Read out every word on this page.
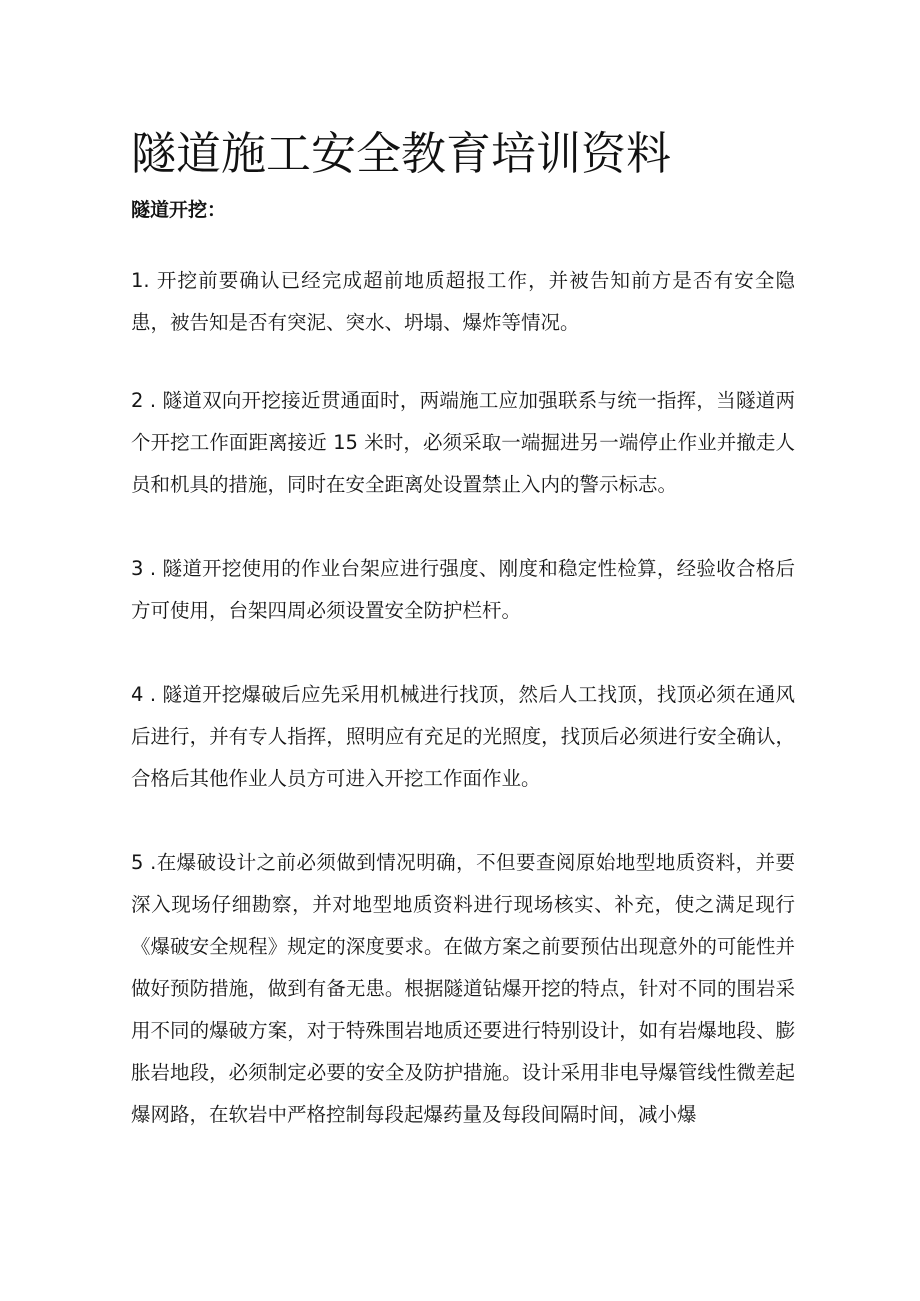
隧道施工安全教育培训资料
隧道开挖：

1. 开挖前要确认已经完成超前地质超报工作，并被告知前方是否有安全隐患，被告知是否有突泥、突水、坍塌、爆炸等情况。

2 . 隧道双向开挖接近贯通面时，两端施工应加强联系与统一指挥，当隧道两个开挖工作面距离接近 15 米时，必须采取一端掘进另一端停止作业并撤走人员和机具的措施，同时在安全距离处设置禁止入内的警示标志。

3 . 隧道开挖使用的作业台架应进行强度、刚度和稳定性检算，经验收合格后方可使用，台架四周必须设置安全防护栏杆。

4 . 隧道开挖爆破后应先采用机械进行找顶，然后人工找顶，找顶必须在通风后进行，并有专人指挥，照明应有充足的光照度，找顶后必须进行安全确认，合格后其他作业人员方可进入开挖工作面作业。

5 .在爆破设计之前必须做到情况明确，不但要查阅原始地型地质资料，并要深入现场仔细勘察，并对地型地质资料进行现场核实、补充，使之满足现行《爆破安全规程》规定的深度要求。在做方案之前要预估出现意外的可能性并做好预防措施，做到有备无患。根据隧道钻爆开挖的特点，针对不同的围岩采用不同的爆破方案，对于特殊围岩地质还要进行特别设计，如有岩爆地段、膨胀岩地段，必须制定必要的安全及防护措施。设计采用非电导爆管线性微差起爆网路，在软岩中严格控制每段起爆药量及每段间隔时间，减小爆
